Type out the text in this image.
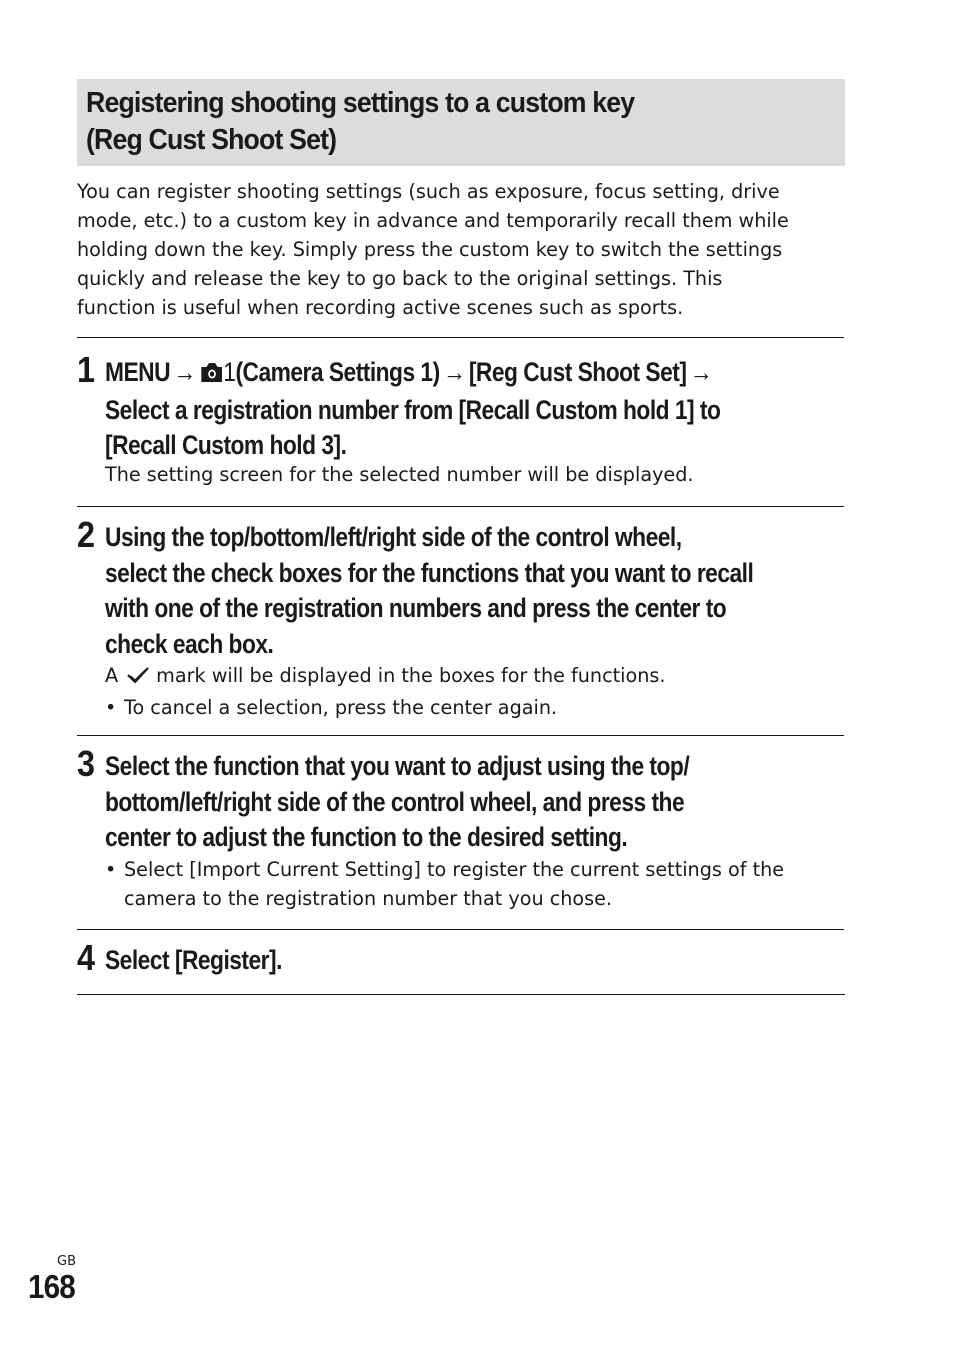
Registering shooting settings to a custom key
(Reg Cust Shoot Set)
You can register shooting settings (such as exposure, focus setting, drive
mode, etc.) to a custom key in advance and temporarily recall them while
holding down the key. Simply press the custom key to switch the settings
quickly and release the key to go back to the original settings. This
function is useful when recording active scenes such as sports.
1 MENU → 1(Camera Settings 1) → [Reg Cust Shoot Set] →
Select a registration number from [Recall Custom hold 1] to
[Recall Custom hold 3].
The setting screen for the selected number will be displayed.
2 Using the top/bottom/left/right side of the control wheel,
select the check boxes for the functions that you want to recall
with one of the registration numbers and press the center to
check each box.
A mark will be displayed in the boxes for the functions.
• To cancel a selection, press the center again.
3 Select the function that you want to adjust using the top/
bottom/left/right side of the control wheel, and press the
center to adjust the function to the desired setting.
• Select [Import Current Setting] to register the current settings of the
camera to the registration number that you chose.
4 Select [Register].
GB
168
